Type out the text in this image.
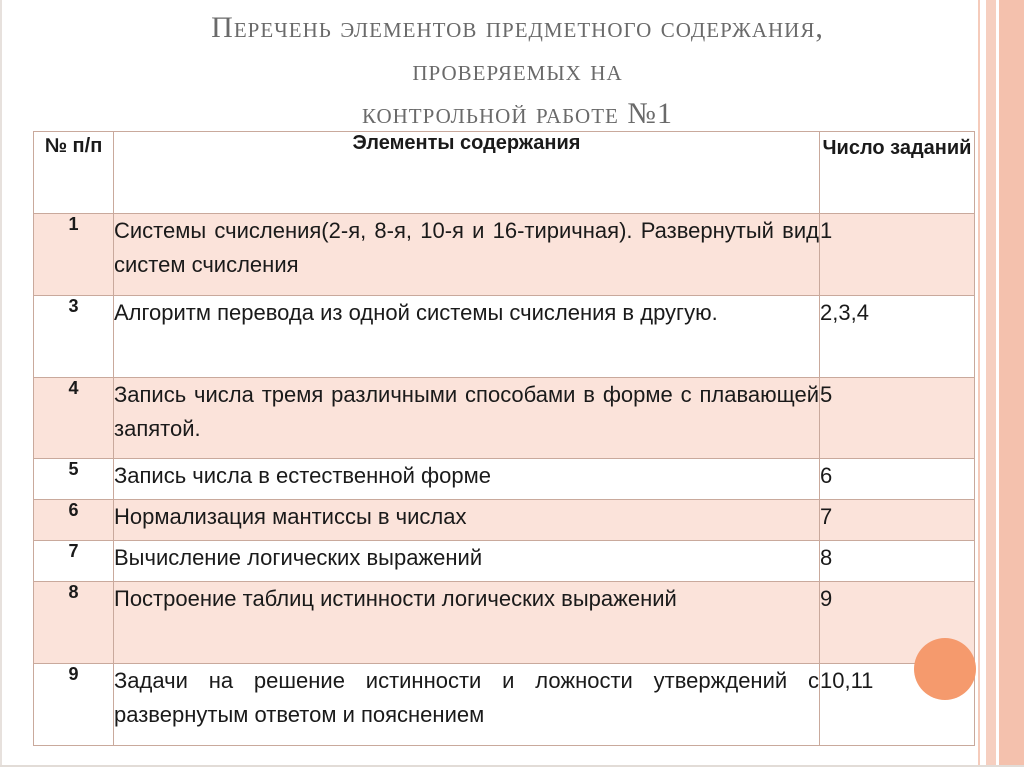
Перечень элементов предметного содержания,
проверяемых на
контрольной работе №1
№ п/п	Элементы содержания	Число заданий
1	Системы счисления(2-я, 8-я, 10-я и 16-тиричная). Развернутый вид систем счисления	1
3	Алгоритм перевода из одной системы счисления в другую.	2,3,4
4	Запись числа тремя различными способами в форме с плавающей запятой.	5
5	Запись числа в естественной форме	6
6	Нормализация мантиссы в числах	7
7	Вычисление логических выражений	8
8	Построение таблиц истинности логических выражений	9
9	Задачи на решение истинности и ложности утверждений с развернутым ответом и пояснением	10,11
